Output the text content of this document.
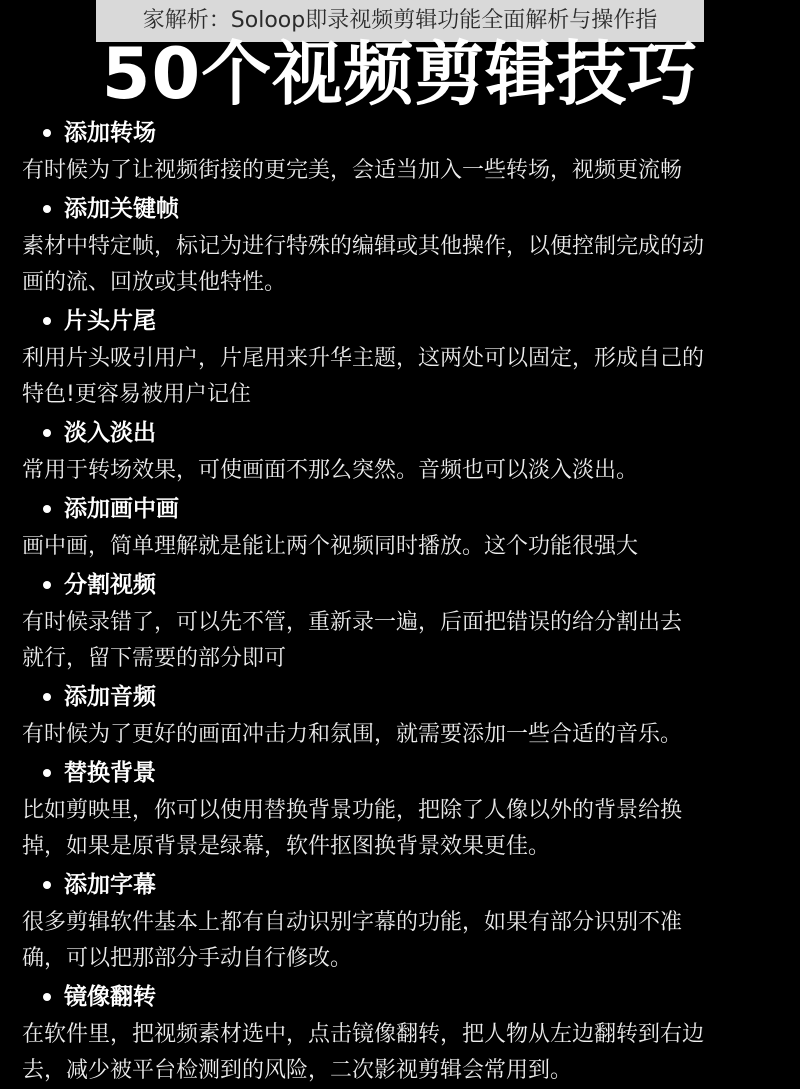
家解析：Soloop即录视频剪辑功能全面解析与操作指
50个视频剪辑技巧
添加转场
有时候为了让视频街接的更完美，会适当加入一些转场，视频更流畅
添加关键帧
素材中特定帧，标记为进行特殊的编辑或其他操作，以便控制完成的动
画的流、回放或其他特性。
片头片尾
利用片头吸引用户，片尾用来升华主题，这两处可以固定，形成自己的
特色!更容易被用户记住
淡入淡出
常用于转场效果，可使画面不那么突然。音频也可以淡入淡出。
添加画中画
画中画，简单理解就是能让两个视频同时播放。这个功能很强大
分割视频
有时候录错了，可以先不管，重新录一遍，后面把错误的给分割出去
就行，留下需要的部分即可
添加音频
有时候为了更好的画面冲击力和氛围，就需要添加一些合适的音乐。
替换背景
比如剪映里，你可以使用替换背景功能，把除了人像以外的背景给换
掉，如果是原背景是绿幕，软件抠图换背景效果更佳。
添加字幕
很多剪辑软件基本上都有自动识别字幕的功能，如果有部分识别不准
确，可以把那部分手动自行修改。
镜像翻转
在软件里，把视频素材选中，点击镜像翻转，把人物从左边翻转到右边
去，减少被平台检测到的风险，二次影视剪辑会常用到。
